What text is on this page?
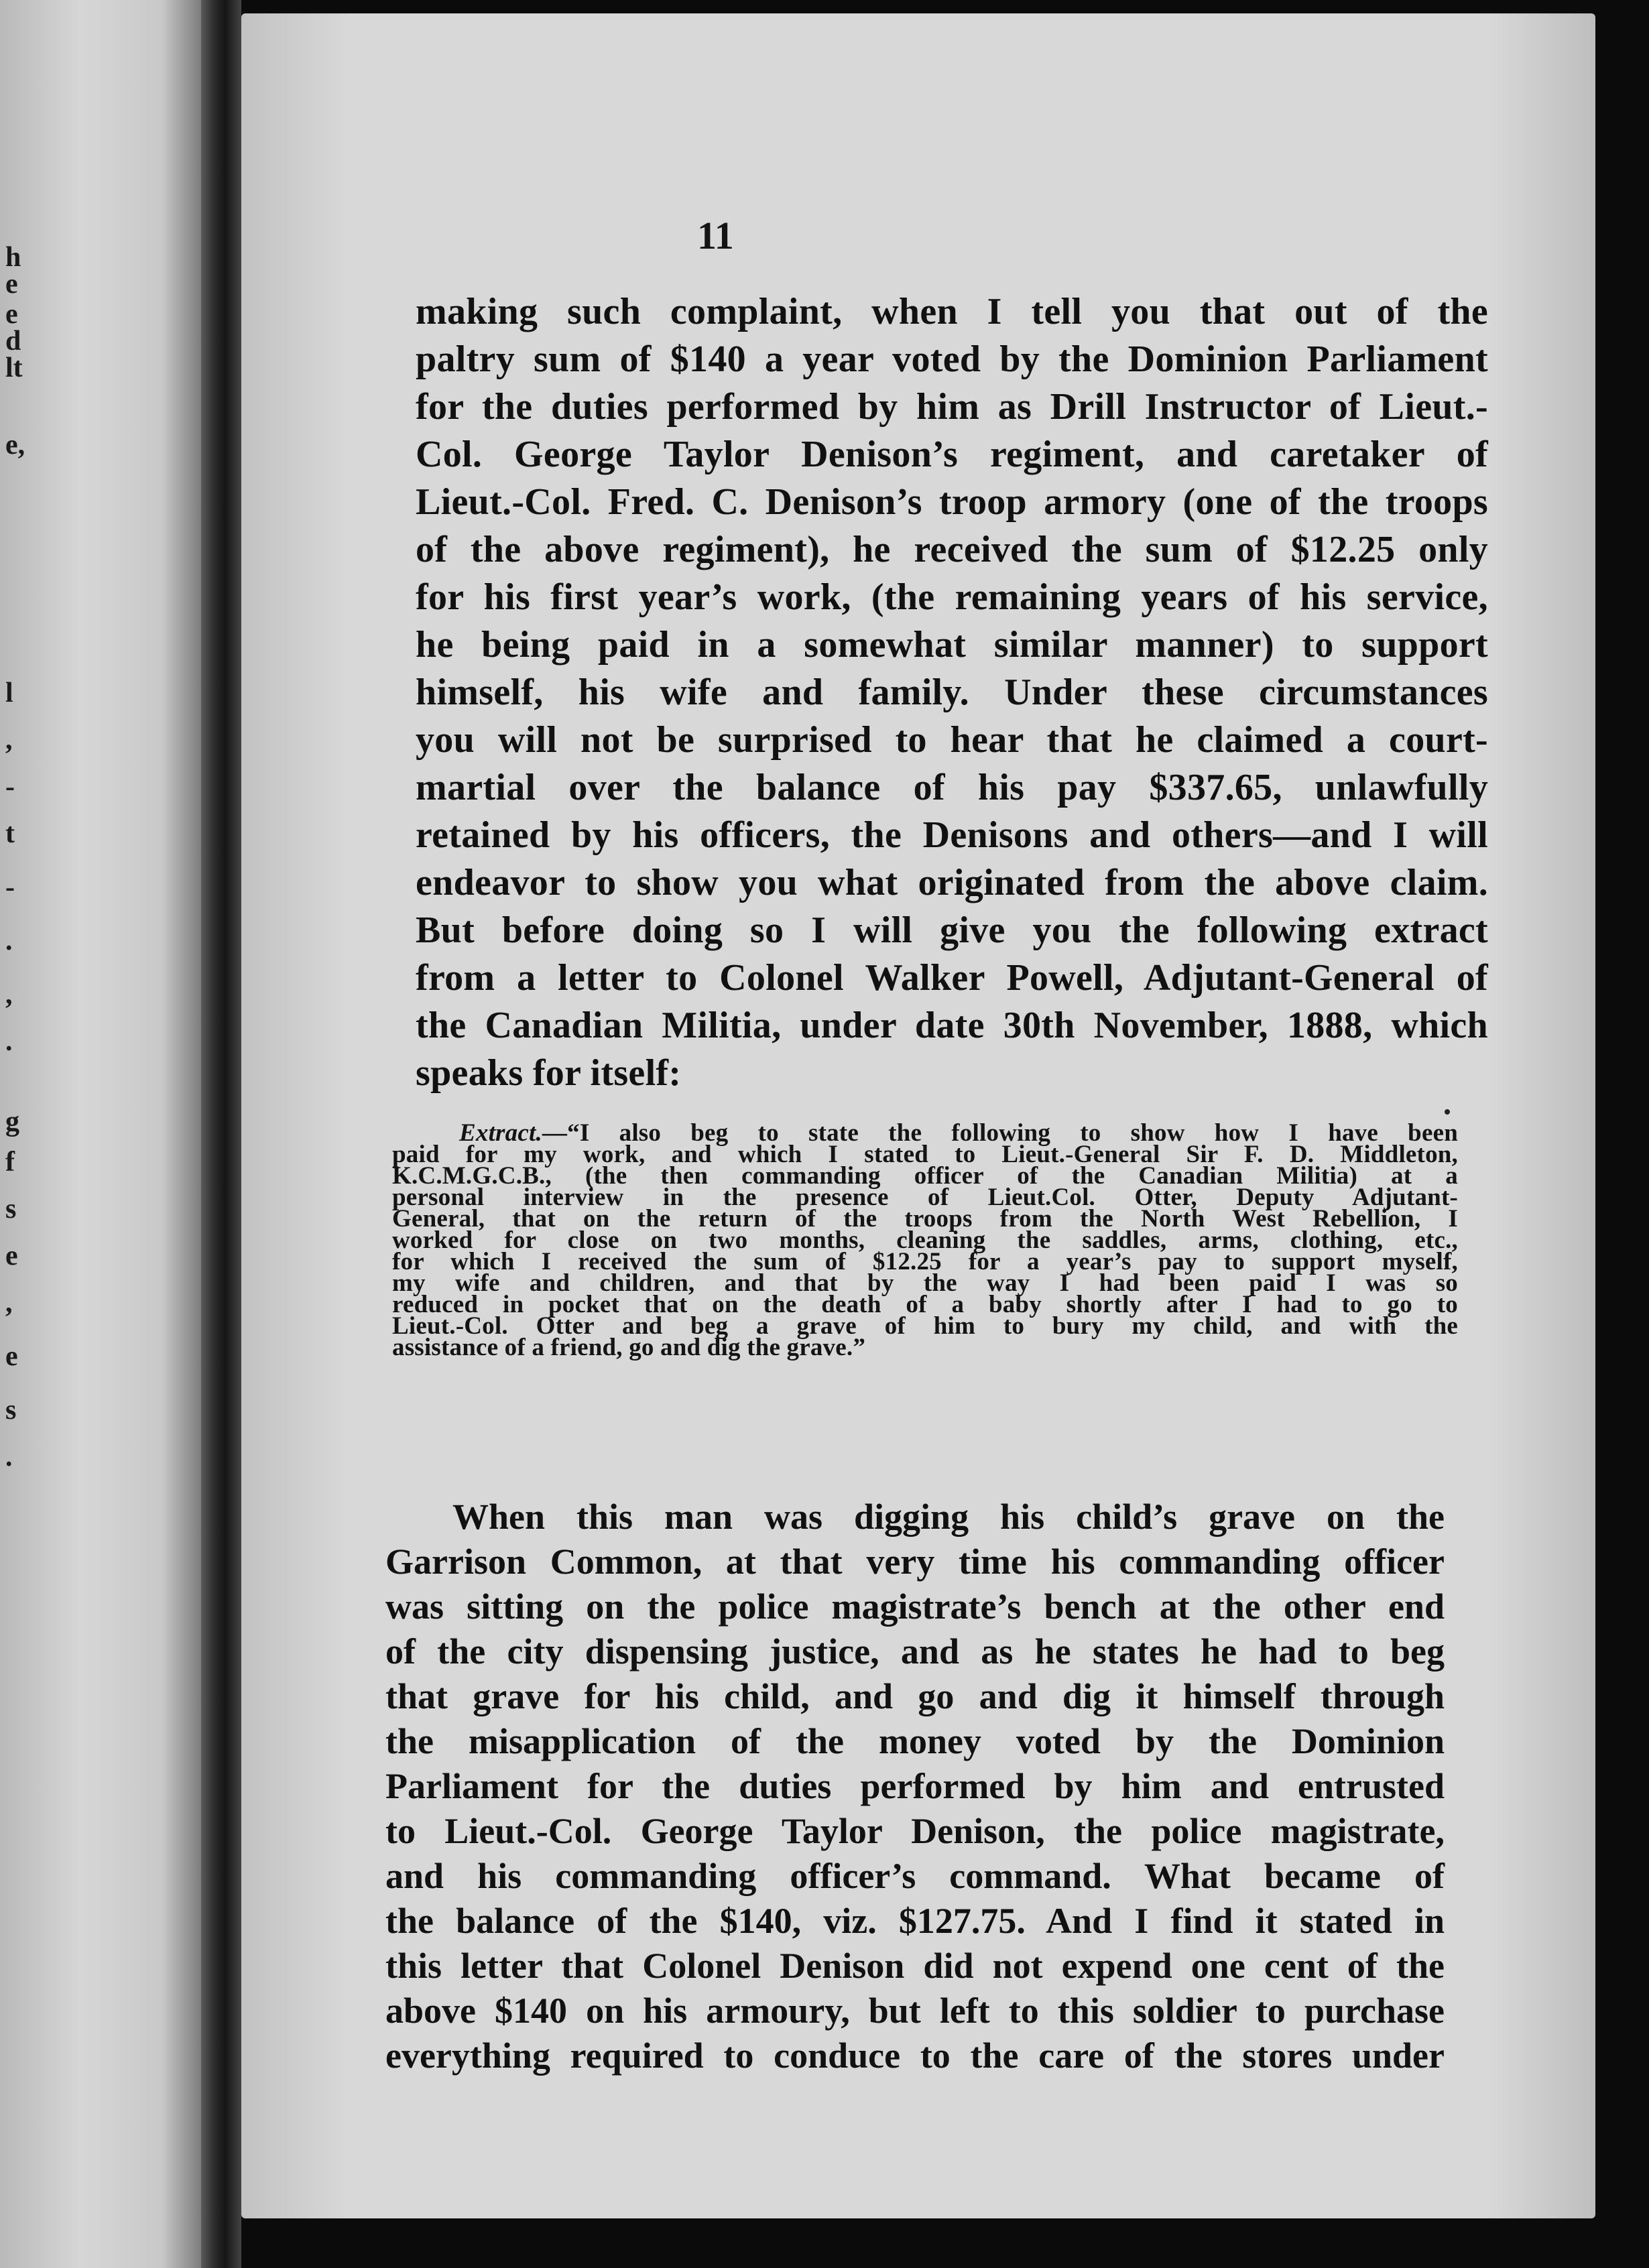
h
e
e
d
lt
e,
l
,
-
t
-
.
,
.
g
f
s
e
,
e
s
.
11

making such complaint, when I tell you that out of the

paltry sum of $140 a year voted by the Dominion Parliament

for the duties performed by him as Drill Instructor of Lieut.-

Col. George Taylor Denison’s regiment, and caretaker of

Lieut.-Col. Fred. C. Denison’s troop armory (one of the troops

of the above regiment), he received the sum of $12.25 only

for his first year’s work, (the remaining years of his service,

he being paid in a somewhat similar manner) to support

himself, his wife and family. Under these circumstances

you will not be surprised to hear that he claimed a court-

martial over the balance of his pay $337.65, unlawfully

retained by his officers, the Denisons and others—and I will

endeavor to show you what originated from the above claim.

But before doing so I will give you the following extract

from a letter to Colonel Walker Powell, Adjutant-General of

the Canadian Militia, under date 30th November, 1888, which

speaks for itself:

Extract.—“I also beg to state the following to show how I have been

paid for my work, and which I stated to Lieut.-General Sir F. D. Middleton,

K.C.M.G.C.B., (the then commanding officer of the Canadian Militia) at a

personal interview in the presence of Lieut.Col. Otter, Deputy Adjutant-

General, that on the return of the troops from the North West Rebellion, I

worked for close on two months, cleaning the saddles, arms, clothing, etc.,

for which I received the sum of $12.25 for a year’s pay to support myself,

my wife and children, and that by the way I had been paid I was so

reduced in pocket that on the death of a baby shortly after I had to go to

Lieut.-Col. Otter and beg a grave of him to bury my child, and with the

assistance of a friend, go and dig the grave.”

When this man was digging his child’s grave on the

Garrison Common, at that very time his commanding officer

was sitting on the police magistrate’s bench at the other end

of the city dispensing justice, and as he states he had to beg

that grave for his child, and go and dig it himself through

the misapplication of the money voted by the Dominion

Parliament for the duties performed by him and entrusted

to Lieut.-Col. George Taylor Denison, the police magistrate,

and his commanding officer’s command. What became of

the balance of the $140, viz. $127.75. And I find it stated in

this letter that Colonel Denison did not expend one cent of the

above $140 on his armoury, but left to this soldier to purchase

everything required to conduce to the care of the stores under
